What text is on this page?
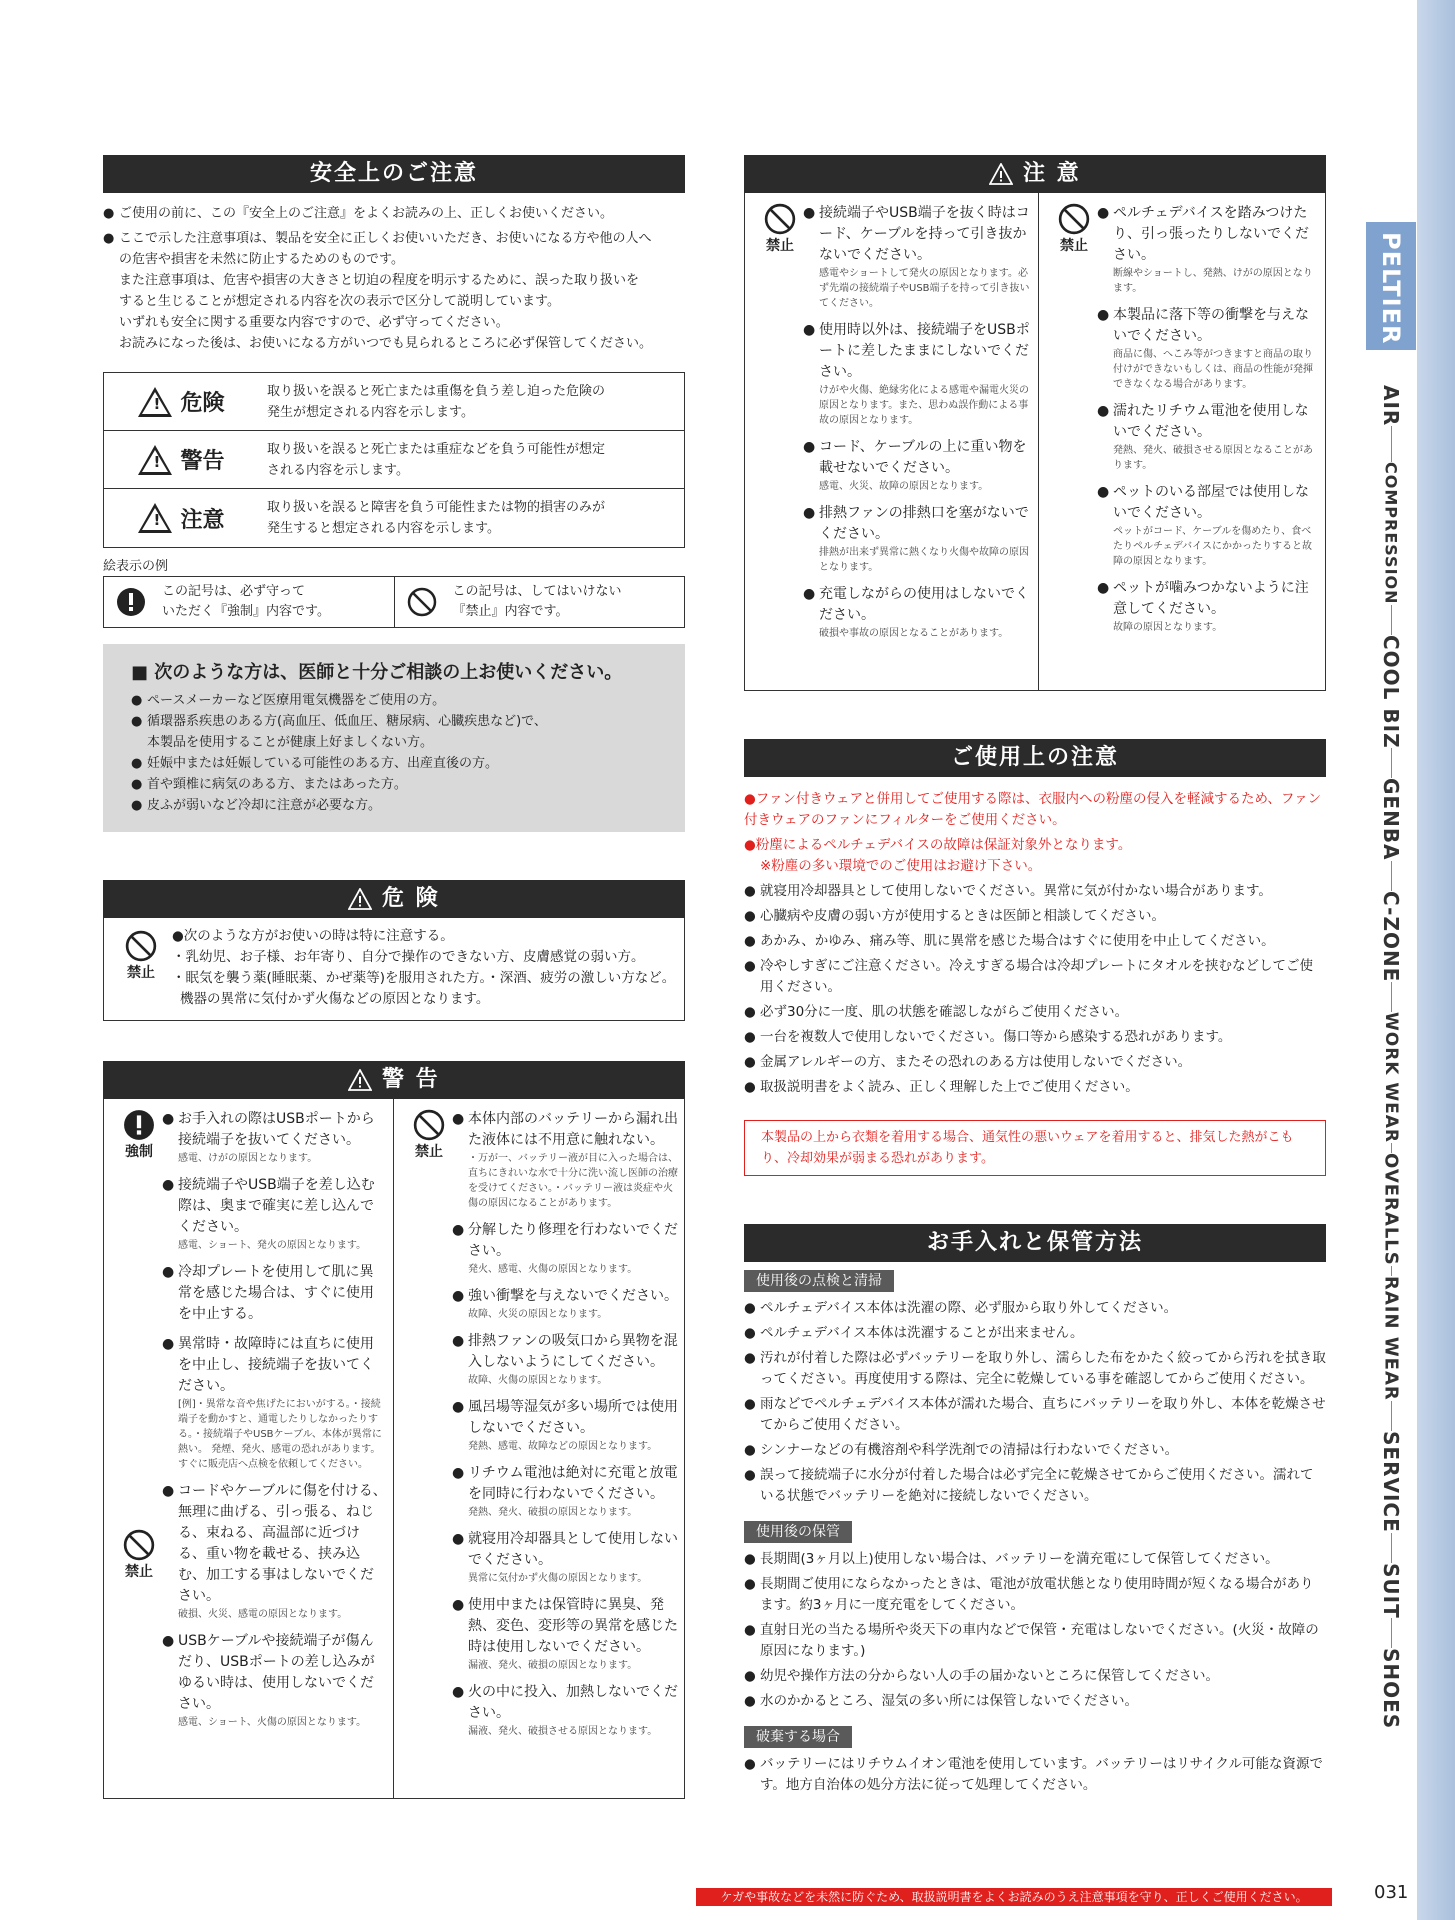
PELTIER
AIR
COMPRESSION
COOL BIZ
GENBA
C-ZONE
WORK WEAR
OVERALLS
RAIN WEAR
SERVICE
SUIT
SHOES
安全上のご注意
● ご使用の前に、この『安全上のご注意』をよくお読みの上、正しくお使いください。
● ここで示した注意事項は、製品を安全に正しくお使いいただき、お使いになる方や他の人へ
の危害や損害を未然に防止するためのものです。
また注意事項は、危害や損害の大きさと切迫の程度を明示するために、誤った取り扱いを
すると生じることが想定される内容を次の表示で区分して説明しています。
いずれも安全に関する重要な内容ですので、必ず守ってください。
お読みになった後は、お使いになる方がいつでも見られるところに必ず保管してください。
! 危険	取り扱いを誤ると死亡または重傷を負う差し迫った危険の
発生が想定される内容を示します。
! 警告	取り扱いを誤ると死亡または重症などを負う可能性が想定
される内容を示します。
! 注意	取り扱いを誤ると障害を負う可能性または物的損害のみが
発生すると想定される内容を示します。
絵表示の例
この記号は、必ず守って
いただく『強制』内容です。
この記号は、してはいけない
『禁止』内容です。
■ 次のような方は、医師と十分ご相談の上お使いください。
● ペースメーカーなど医療用電気機器をご使用の方。
● 循環器系疾患のある方(高血圧、低血圧、糖尿病、心臓疾患など)で、
本製品を使用することが健康上好ましくない方。
● 妊娠中または妊娠している可能性のある方、出産直後の方。
● 首や頸椎に病気のある方、またはあった方。
● 皮ふが弱いなど冷却に注意が必要な方。
危 険
禁止
●次のような方がお使いの時は特に注意する。
・乳幼児、お子様、お年寄り、自分で操作のできない方、皮膚感覚の弱い方。
・眠気を襲う薬(睡眠薬、かぜ薬等)を服用された方。・深酒、疲労の激しい方など。
機器の異常に気付かず火傷などの原因となります。
警 告
強制
禁止
● お手入れの際はUSBポートから接続端子を抜いてください。
感電、けがの原因となります。
● 接続端子やUSB端子を差し込む際は、奥まで確実に差し込んでください。
感電、ショート、発火の原因となります。
● 冷却プレートを使用して肌に異常を感じた場合は、すぐに使用を中止する。
● 異常時・故障時には直ちに使用を中止し、接続端子を抜いてください。
[例]・異常な音や焦げたにおいがする。・接続端子を動かすと、通電したりしなかったりする。・接続端子やUSBケーブル、本体が異常に熱い。 発煙、発火、感電の恐れがあります。すぐに販売店へ点検を依頼してください。
● コードやケーブルに傷を付ける、無理に曲げる、引っ張る、ねじる、束ねる、高温部に近づける、重い物を載せる、挟み込む、加工する事はしないでください。
破損、火災、感電の原因となります。
● USBケーブルや接続端子が傷んだり、USBポートの差し込みがゆるい時は、使用しないでください。
感電、ショート、火傷の原因となります。
禁止
● 本体内部のバッテリーから漏れ出た液体には不用意に触れない。
・万が一、バッテリー液が目に入った場合は、直ちにきれいな水で十分に洗い流し医師の治療を受けてください。・バッテリー液は炎症や火傷の原因になることがあります。
● 分解したり修理を行わないでください。
発火、感電、火傷の原因となります。
● 強い衝撃を与えないでください。
故障、火災の原因となります。
● 排熱ファンの吸気口から異物を混入しないようにしてください。
故障、火傷の原因となります。
● 風呂場等湿気が多い場所では使用しないでください。
発熱、感電、故障などの原因となります。
● リチウム電池は絶対に充電と放電を同時に行わないでください。
発熱、発火、破損の原因となります。
● 就寝用冷却器具として使用しないでください。
異常に気付かず火傷の原因となります。
● 使用中または保管時に異臭、発熱、変色、変形等の異常を感じた時は使用しないでください。
漏液、発火、破損の原因となります。
● 火の中に投入、加熱しないでください。
漏液、発火、破損させる原因となります。
注 意
禁止
● 接続端子やUSB端子を抜く時はコード、ケーブルを持って引き抜かないでください。
感電やショートして発火の原因となります。必ず先端の接続端子やUSB端子を持って引き抜いてください。
● 使用時以外は、接続端子をUSBポートに差したままにしないでください。
けがや火傷、絶縁劣化による感電や漏電火災の原因となります。また、思わぬ誤作動による事故の原因となります。
● コード、ケーブルの上に重い物を載せないでください。
感電、火災、故障の原因となります。
● 排熱ファンの排熱口を塞がないでください。
排熱が出来ず異常に熱くなり火傷や故障の原因となります。
● 充電しながらの使用はしないでください。
破損や事故の原因となることがあります。
禁止
● ペルチェデバイスを踏みつけたり、引っ張ったりしないでください。
断線やショートし、発熱、けがの原因となります。
● 本製品に落下等の衝撃を与えないでください。
商品に傷、へこみ等がつきますと商品の取り付けができないもしくは、商品の性能が発揮できなくなる場合があります。
● 濡れたリチウム電池を使用しないでください。
発熱、発火、破損させる原因となることがあります。
● ペットのいる部屋では使用しないでください。
ペットがコード、ケーブルを傷めたり、食べたりペルチェデバイスにかかったりすると故障の原因となります。
● ペットが噛みつかないように注意してください。
故障の原因となります。
ご使用上の注意
●ファン付きウェアと併用してご使用する際は、衣服内への粉塵の侵入を軽減するため、ファン付きウェアのファンにフィルターをご使用ください。
●粉塵によるペルチェデバイスの故障は保証対象外となります。
※粉塵の多い環境でのご使用はお避け下さい。
● 就寝用冷却器具として使用しないでください。異常に気が付かない場合があります。
● 心臓病や皮膚の弱い方が使用するときは医師と相談してください。
● あかみ、かゆみ、痛み等、肌に異常を感じた場合はすぐに使用を中止してください。
● 冷やしすぎにご注意ください。冷えすぎる場合は冷却プレートにタオルを挟むなどしてご使用ください。
● 必ず30分に一度、肌の状態を確認しながらご使用ください。
● 一台を複数人で使用しないでください。傷口等から感染する恐れがあります。
● 金属アレルギーの方、またその恐れのある方は使用しないでください。
● 取扱説明書をよく読み、正しく理解した上でご使用ください。
本製品の上から衣類を着用する場合、通気性の悪いウェアを着用すると、排気した熱がこもり、冷却効果が弱まる恐れがあります。
お手入れと保管方法
使用後の点検と清掃
● ペルチェデバイス本体は洗濯の際、必ず服から取り外してください。
● ペルチェデバイス本体は洗濯することが出来ません。
● 汚れが付着した際は必ずバッテリーを取り外し、濡らした布をかたく絞ってから汚れを拭き取ってください。再度使用する際は、完全に乾燥している事を確認してからご使用ください。
● 雨などでペルチェデバイス本体が濡れた場合、直ちにバッテリーを取り外し、本体を乾燥させてからご使用ください。
● シンナーなどの有機溶剤や科学洗剤での清掃は行わないでください。
● 誤って接続端子に水分が付着した場合は必ず完全に乾燥させてからご使用ください。濡れている状態でバッテリーを絶対に接続しないでください。
使用後の保管
● 長期間(3ヶ月以上)使用しない場合は、バッテリーを満充電にして保管してください。
● 長期間ご使用にならなかったときは、電池が放電状態となり使用時間が短くなる場合があります。約3ヶ月に一度充電をしてください。
● 直射日光の当たる場所や炎天下の車内などで保管・充電はしないでください。(火災・故障の原因になります。)
● 幼児や操作方法の分からない人の手の届かないところに保管してください。
● 水のかかるところ、湿気の多い所には保管しないでください。
破棄する場合
● バッテリーにはリチウムイオン電池を使用しています。バッテリーはリサイクル可能な資源です。地方自治体の処分方法に従って処理してください。
ケガや事故などを未然に防ぐため、取扱説明書をよくお読みのうえ注意事項を守り、正しくご使用ください。	031
